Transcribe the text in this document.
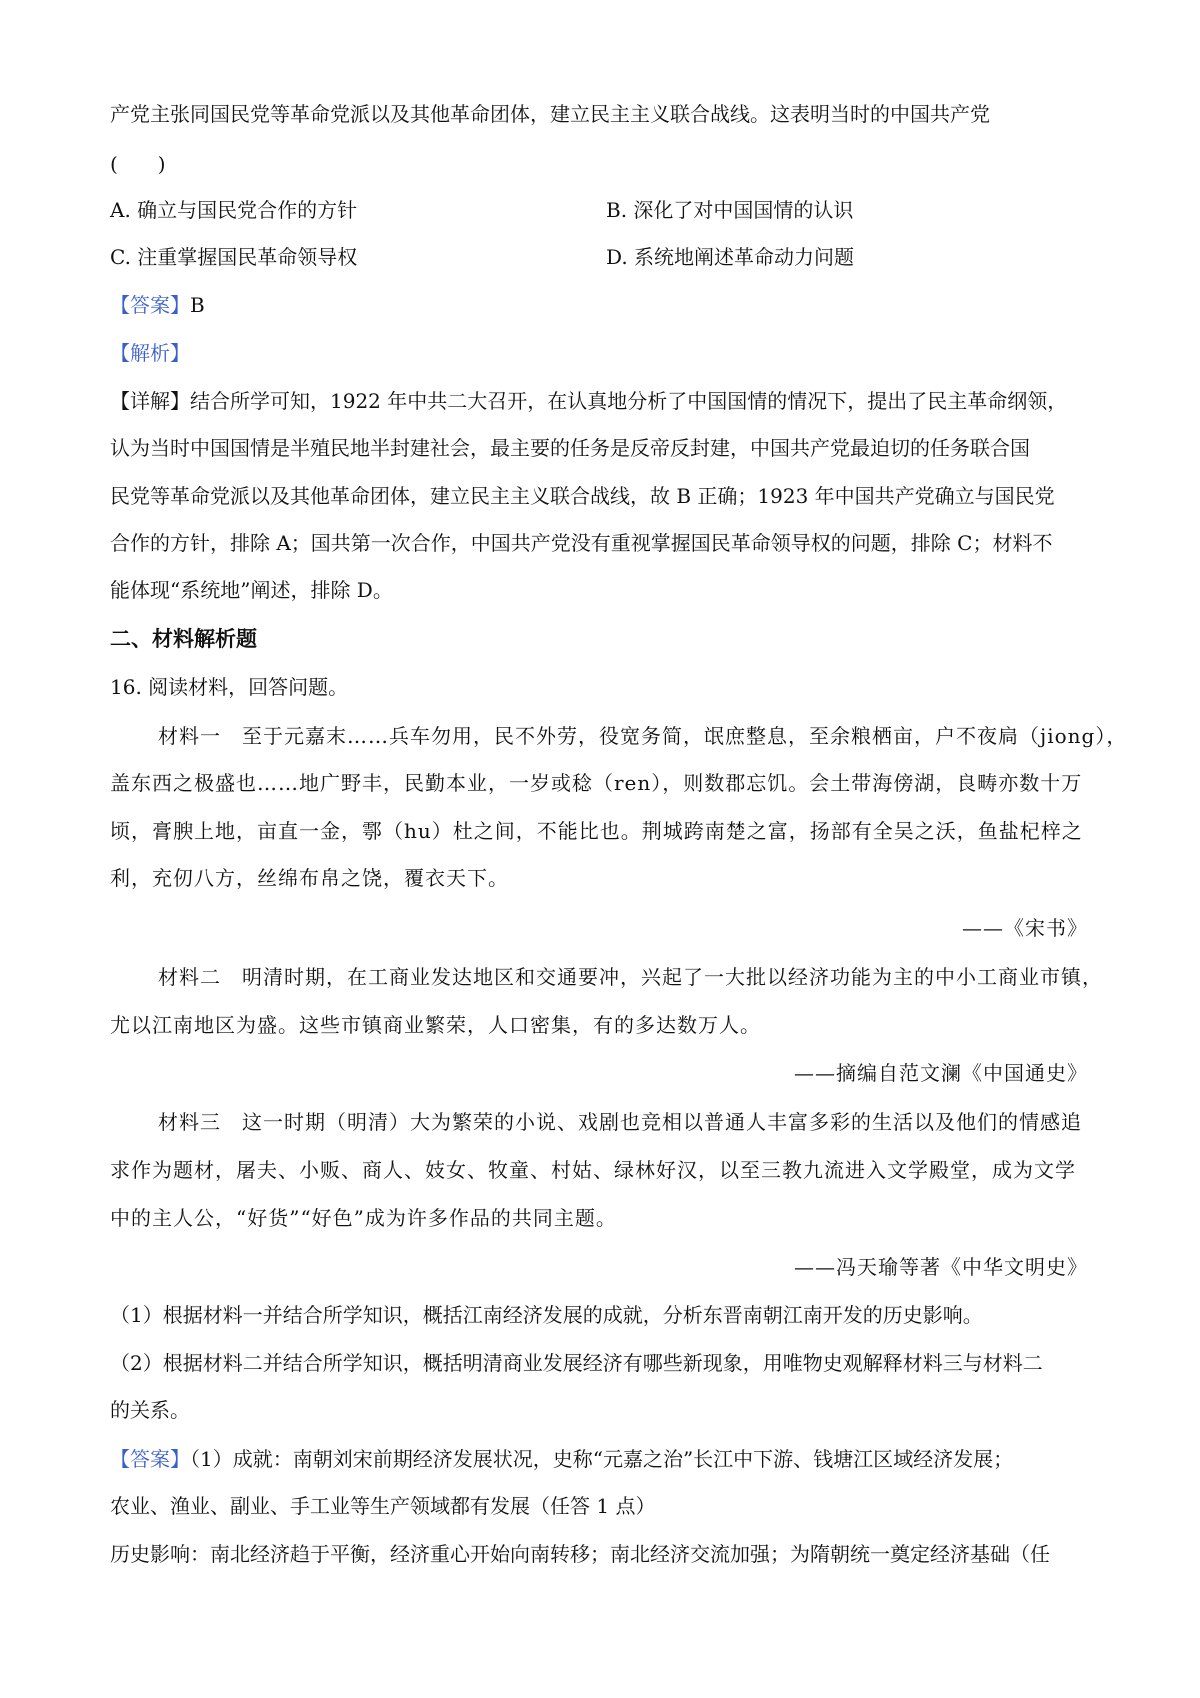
产党主张同国民党等革命党派以及其他革命团体，建立民主主义联合战线。这表明当时的中国共产党
(　　)
A. 确立与国民党合作的方针	B. 深化了对中国国情的认识
C. 注重掌握国民革命领导权	D. 系统地阐述革命动力问题
【答案】B
【解析】
【详解】结合所学可知，1922 年中共二大召开，在认真地分析了中国国情的情况下，提出了民主革命纲领，
认为当时中国国情是半殖民地半封建社会，最主要的任务是反帝反封建，中国共产党最迫切的任务联合国
民党等革命党派以及其他革命团体，建立民主主义联合战线，故 B 正确；1923 年中国共产党确立与国民党
合作的方针，排除 A；国共第一次合作，中国共产党没有重视掌握国民革命领导权的问题，排除 C；材料不
能体现“系统地”阐述，排除 D。
二、材料解析题
16. 阅读材料，回答问题。
材料一　至于元嘉末……兵车勿用，民不外劳，役宽务简，氓庶整息，至余粮栖亩，户不夜扃（jiong），
盖东西之极盛也……地广野丰，民勤本业，一岁或稔（ren），则数郡忘饥。会土带海傍湖，良畴亦数十万
顷，膏腴上地，亩直一金，鄠（hu）杜之间，不能比也。荆城跨南楚之富，扬部有全吴之沃，鱼盐杞梓之
利，充仞八方，丝绵布帛之饶，覆衣天下。
——《宋书》
材料二　明清时期，在工商业发达地区和交通要冲，兴起了一大批以经济功能为主的中小工商业市镇，
尤以江南地区为盛。这些市镇商业繁荣，人口密集，有的多达数万人。
——摘编自范文澜《中国通史》
材料三　这一时期（明清）大为繁荣的小说、戏剧也竞相以普通人丰富多彩的生活以及他们的情感追
求作为题材，屠夫、小贩、商人、妓女、牧童、村姑、绿林好汉，以至三教九流进入文学殿堂，成为文学
中的主人公，“好货”“好色”成为许多作品的共同主题。
——冯天瑜等著《中华文明史》
（1）根据材料一并结合所学知识，概括江南经济发展的成就，分析东晋南朝江南开发的历史影响。
（2）根据材料二并结合所学知识，概括明清商业发展经济有哪些新现象，用唯物史观解释材料三与材料二
的关系。
【答案】（1）成就：南朝刘宋前期经济发展状况，史称“元嘉之治”长江中下游、钱塘江区域经济发展；
农业、渔业、副业、手工业等生产领域都有发展（任答 1 点）
历史影响：南北经济趋于平衡，经济重心开始向南转移；南北经济交流加强；为隋朝统一奠定经济基础（任
